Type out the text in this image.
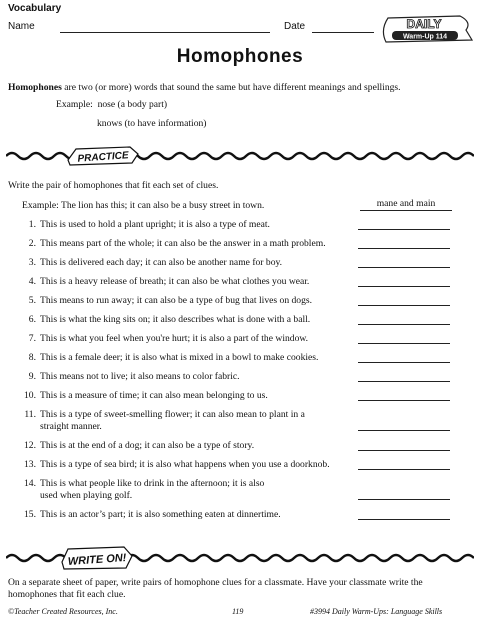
Vocabulary
Name	Date	DAILY
Warm-Up 114
Homophones
Homophones are two (or more) words that sound the same but have different meanings and spellings.
Example: nose (a body part)
knows (to have information)
PRACTICE
Write the pair of homophones that fit each set of clues.
Example: The lion has this; it can also be a busy street in town.	mane and main
1. This is used to hold a plant upright; it is also a type of meat.
2. This means part of the whole; it can also be the answer in a math problem.
3. This is delivered each day; it can also be another name for boy.
4. This is a heavy release of breath; it can also be what clothes you wear.
5. This means to run away; it can also be a type of bug that lives on dogs.
6. This is what the king sits on; it also describes what is done with a ball.
7. This is what you feel when you're hurt; it is also a part of the window.
8. This is a female deer; it is also what is mixed in a bowl to make cookies.
9. This means not to live; it also means to color fabric.
10. This is a measure of time; it can also mean belonging to us.
11. This is a type of sweet-smelling flower; it can also mean to plant in a straight manner.
12. This is at the end of a dog; it can also be a type of story.
13. This is a type of sea bird; it is also what happens when you use a doorknob.
14. This is what people like to drink in the afternoon; it is also used when playing golf.
15. This is an actor’s part; it is also something eaten at dinnertime.
WRITE ON!
On a separate sheet of paper, write pairs of homophone clues for a classmate. Have your classmate write the homophones that fit each clue.
©Teacher Created Resources, Inc.	119	#3994 Daily Warm-Ups: Language Skills
